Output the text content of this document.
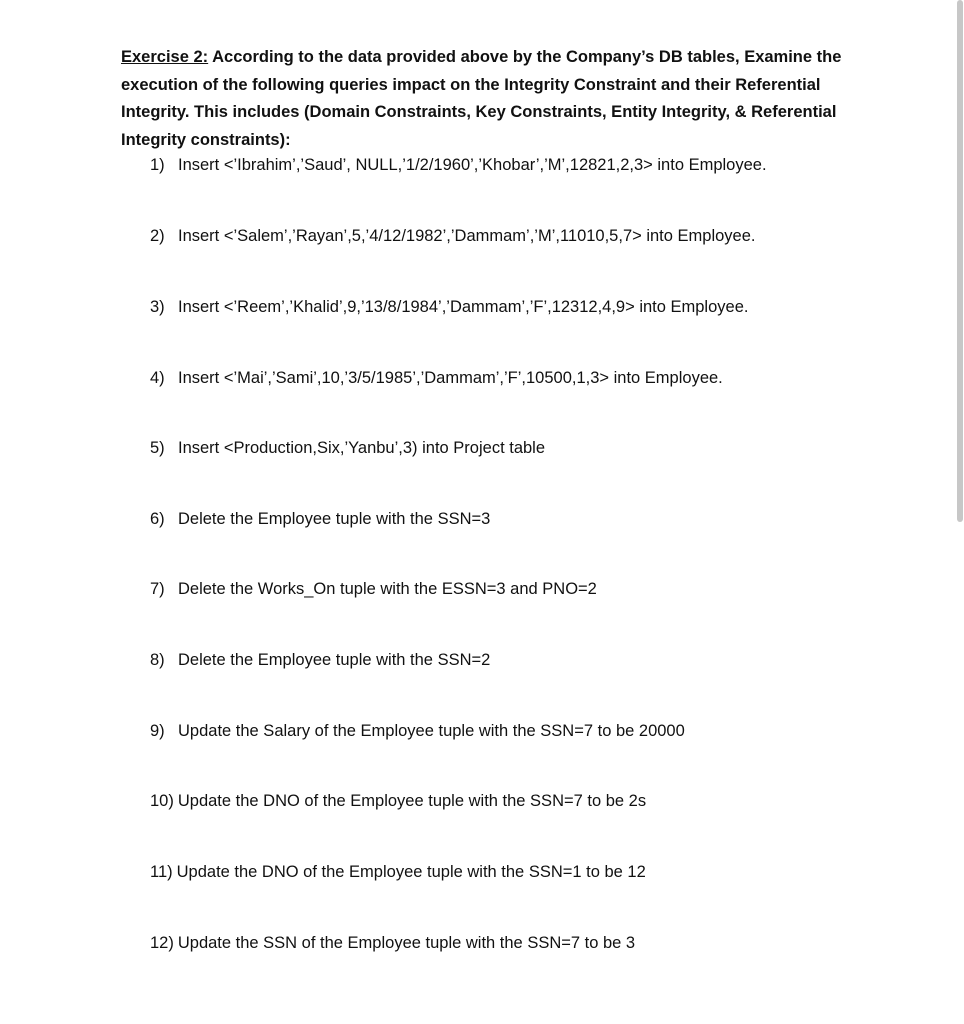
Exercise 2: According to the data provided above by the Company’s DB tables, Examine the execution of the following queries impact on the Integrity Constraint and their Referential Integrity. This includes (Domain Constraints, Key Constraints, Entity Integrity, & Referential Integrity constraints):
1) Insert <’Ibrahim’,’Saud’, NULL,’1/2/1960’,’Khobar’,’M’,12821,2,3> into Employee.
2) Insert <’Salem’,’Rayan’,5,’4/12/1982’,’Dammam’,’M’,11010,5,7> into Employee.
3) Insert <’Reem’,’Khalid’,9,’13/8/1984’,’Dammam’,’F’,12312,4,9> into Employee.
4) Insert <’Mai’,’Sami’,10,’3/5/1985’,’Dammam’,’F’,10500,1,3> into Employee.
5) Insert <Production,Six,’Yanbu’,3) into Project table
6) Delete the Employee tuple with the SSN=3
7) Delete the Works_On tuple with the ESSN=3 and PNO=2
8) Delete the Employee tuple with the SSN=2
9) Update the Salary of the Employee tuple with the SSN=7 to be 20000
10) Update the DNO of the Employee tuple with the SSN=7 to be 2s
11) Update the DNO of the Employee tuple with the SSN=1 to be 12
12) Update the SSN of the Employee tuple with the SSN=7 to be 3
